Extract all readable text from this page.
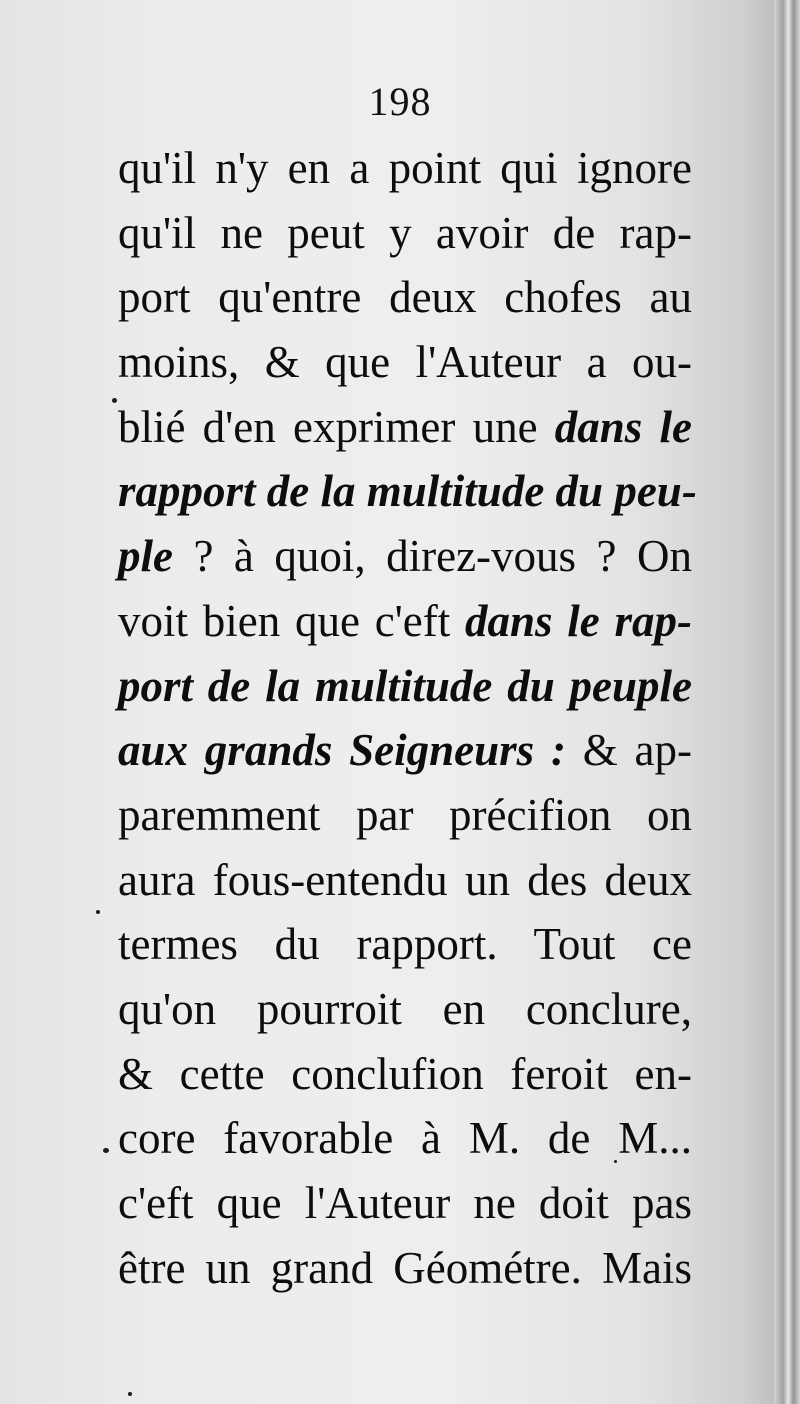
198
qu'il n'y en a point qui ignore
qu'il ne peut y avoir de rap-
port qu'entre deux chofes au
moins, & que l'Auteur a ou-
blié d'en exprimer une dans le
rapport de la multitude du peu-
ple ? à quoi, direz-vous ? On
voit bien que c'eft dans le rap-
port de la multitude du peuple
aux grands Seigneurs : & ap-
paremment par précifion on
aura fous-entendu un des deux
termes du rapport. Tout ce
qu'on pourroit en conclure,
& cette conclufion feroit en-
core favorable à M. de M...
c'eft que l'Auteur ne doit pas
être un grand Géométre. Mais
